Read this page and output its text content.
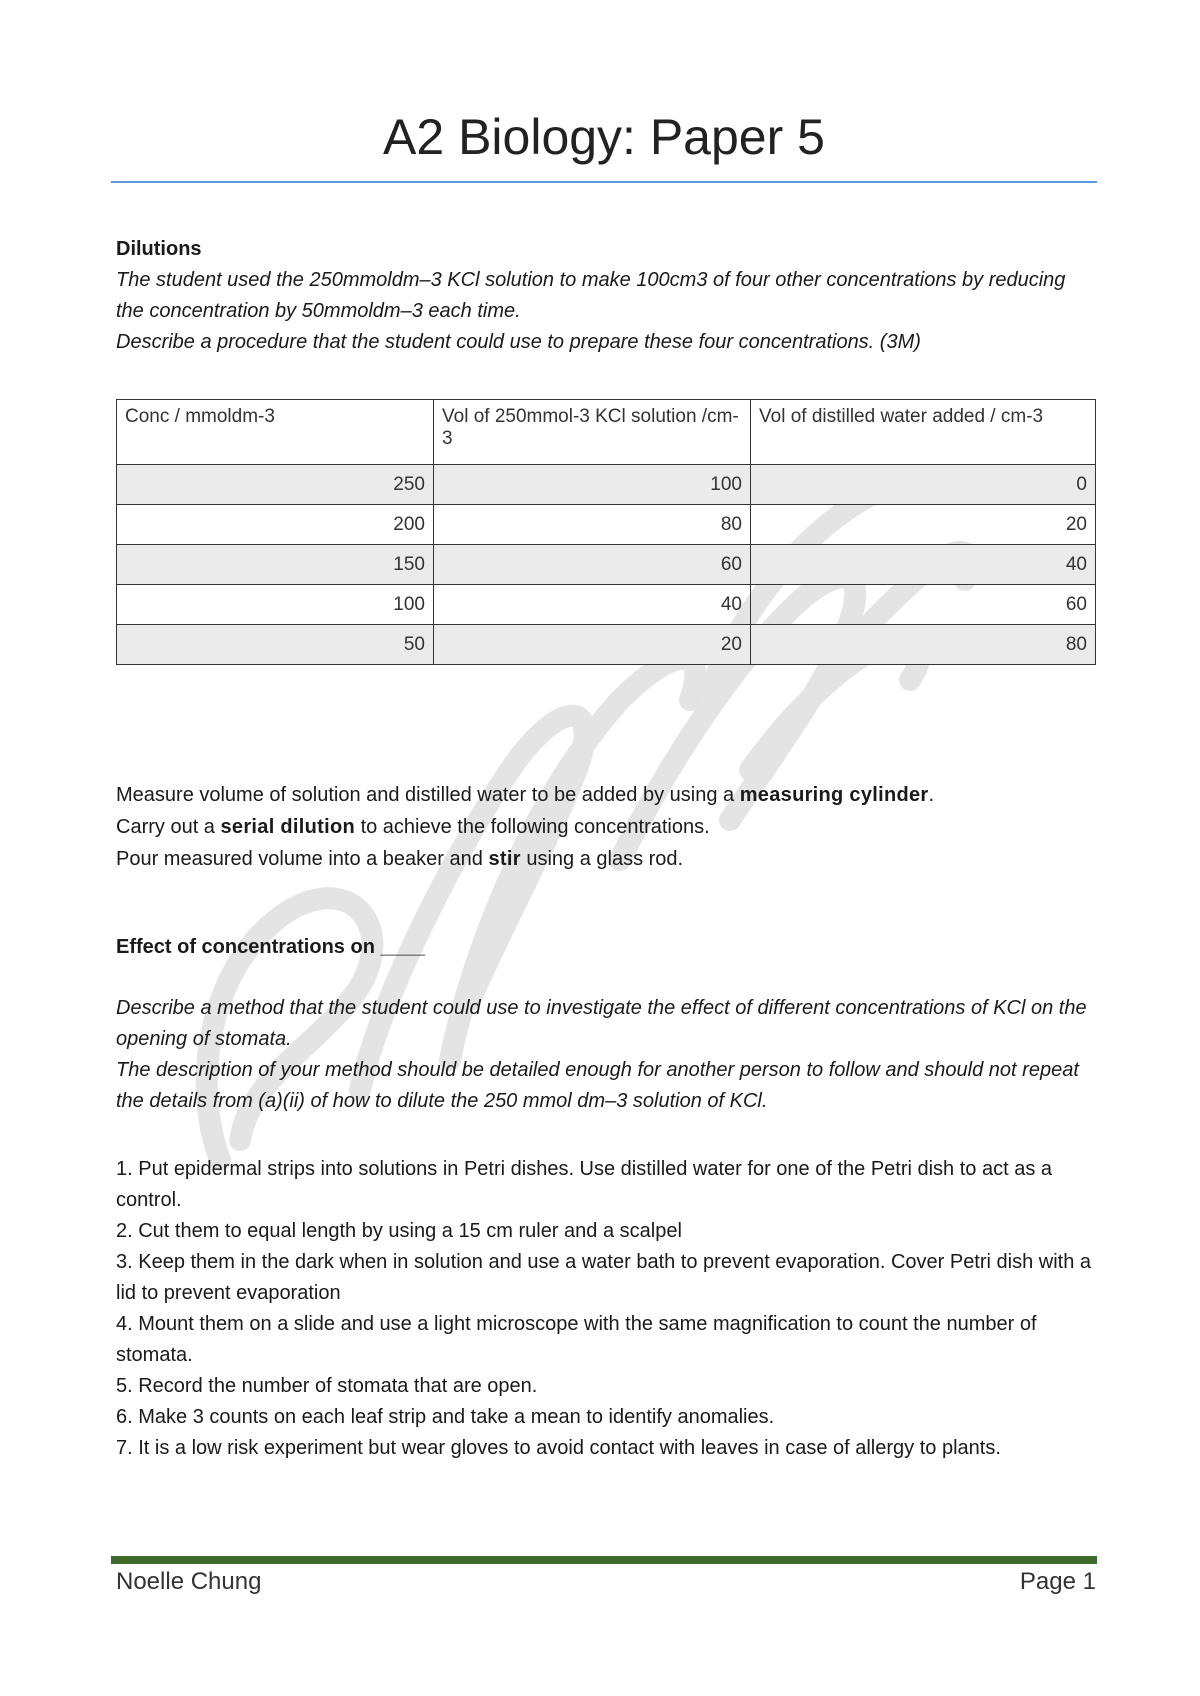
A2 Biology: Paper 5
Dilutions
The student used the 250mmoldm–3 KCl solution to make 100cm3 of four other concentrations by reducing the concentration by 50mmoldm–3 each time.
Describe a procedure that the student could use to prepare these four concentrations. (3M)
Conc / mmoldm-3	Vol of 250mmol-3 KCl solution /cm-3	Vol of distilled water added / cm-3
250	100	0
200	80	20
150	60	40
100	40	60
50	20	80

Measure volume of solution and distilled water to be added by using a measuring cylinder.

Carry out a serial dilution to achieve the following concentrations.

Pour measured volume into a beaker and stir using a glass rod.

Effect of concentrations on ____
Describe a method that the student could use to investigate the effect of different concentrations of KCl on the opening of stomata.
The description of your method should be detailed enough for another person to follow and should not repeat the details from (a)(ii) of how to dilute the 250 mmol dm–3 solution of KCl.
1. Put epidermal strips into solutions in Petri dishes. Use distilled water for one of the Petri dish to act as a control.
2. Cut them to equal length by using a 15 cm ruler and a scalpel
3. Keep them in the dark when in solution and use a water bath to prevent evaporation. Cover Petri dish with a lid to prevent evaporation
4. Mount them on a slide and use a light microscope with the same magnification to count the number of stomata.
5. Record the number of stomata that are open.
6. Make 3 counts on each leaf strip and take a mean to identify anomalies.
7. It is a low risk experiment but wear gloves to avoid contact with leaves in case of allergy to plants.
Noelle Chung	Page 1
